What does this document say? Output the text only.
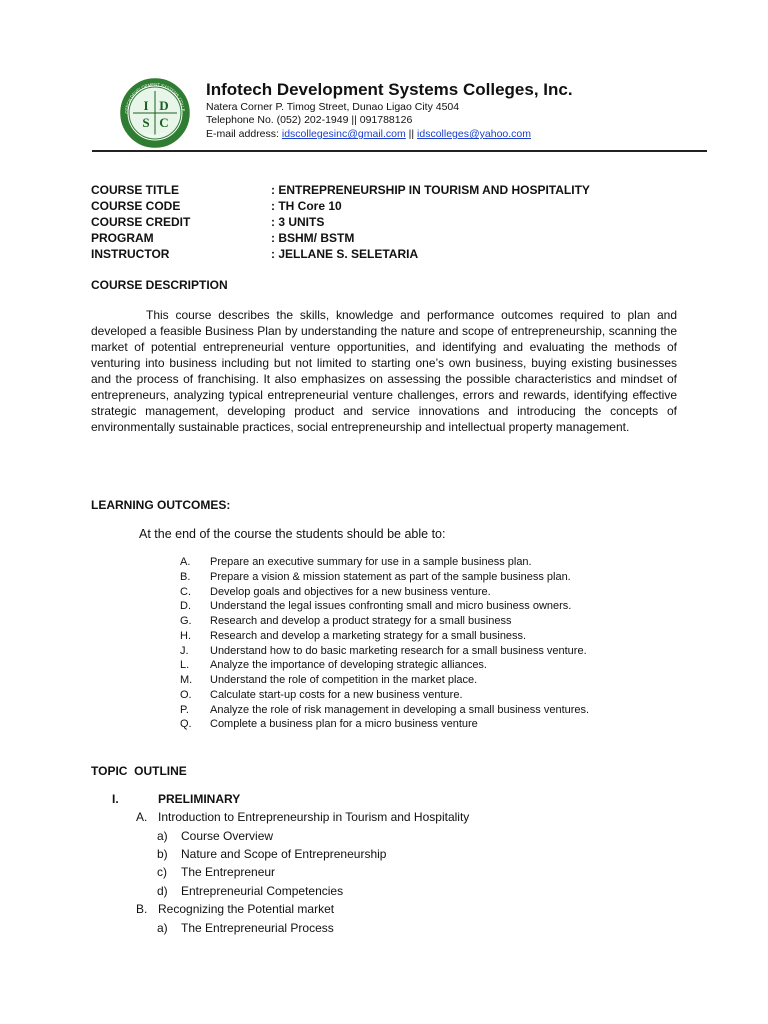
I D
S C
OTECH DEVELOPMENT SYSTEMS COLLE
LIGAO CITY
Infotech Development Systems Colleges, Inc.
Natera Corner P. Timog Street, Dunao Ligao City 4504
Telephone No. (052) 202-1949 || 091788126
E-mail address: idscollegesinc@gmail.com || idscolleges@yahoo.com
COURSE TITLE	: ENTREPRENEURSHIP IN TOURISM AND HOSPITALITY
COURSE CODE	: TH Core 10
COURSE CREDIT	: 3 UNITS
PROGRAM	: BSHM/ BSTM
INSTRUCTOR	: JELLANE S. SELETARIA
COURSE DESCRIPTION

This course describes the skills, knowledge and performance outcomes required to plan and developed a feasible Business Plan by understanding the nature and scope of entrepreneurship, scanning the market of potential entrepreneurial venture opportunities, and identifying and evaluating the methods of venturing into business including but not limited to starting one’s own business, buying existing businesses and the process of franchising. It also emphasizes on assessing the possible characteristics and mindset of entrepreneurs, analyzing typical entrepreneurial venture challenges, errors and rewards, identifying effective strategic management, developing product and service innovations and introducing the concepts of environmentally sustainable practices, social entrepreneurship and intellectual property management.

LEARNING OUTCOMES:

At the end of the course the students should be able to:

A.	Prepare an executive summary for use in a sample business plan.
B.	Prepare a vision & mission statement as part of the sample business plan.
C.	Develop goals and objectives for a new business venture.
D.	Understand the legal issues confronting small and micro business owners.
G.	Research and develop a product strategy for a small business
H.	Research and develop a marketing strategy for a small business.
J.	Understand how to do basic marketing research for a small business venture.
L.	Analyze the importance of developing strategic alliances.
M.	Understand the role of competition in the market place.
O.	Calculate start-up costs for a new business venture.
P.	Analyze the role of risk management in developing a small business ventures.
Q.	Complete a business plan for a micro business venture
TOPIC  OUTLINE
I.	PRELIMINARY
A. Introduction to Entrepreneurship in Tourism and Hospitality
a) Course Overview
b) Nature and Scope of Entrepreneurship
c) The Entrepreneur
d) Entrepreneurial Competencies
B. Recognizing the Potential market
a) The Entrepreneurial Process
